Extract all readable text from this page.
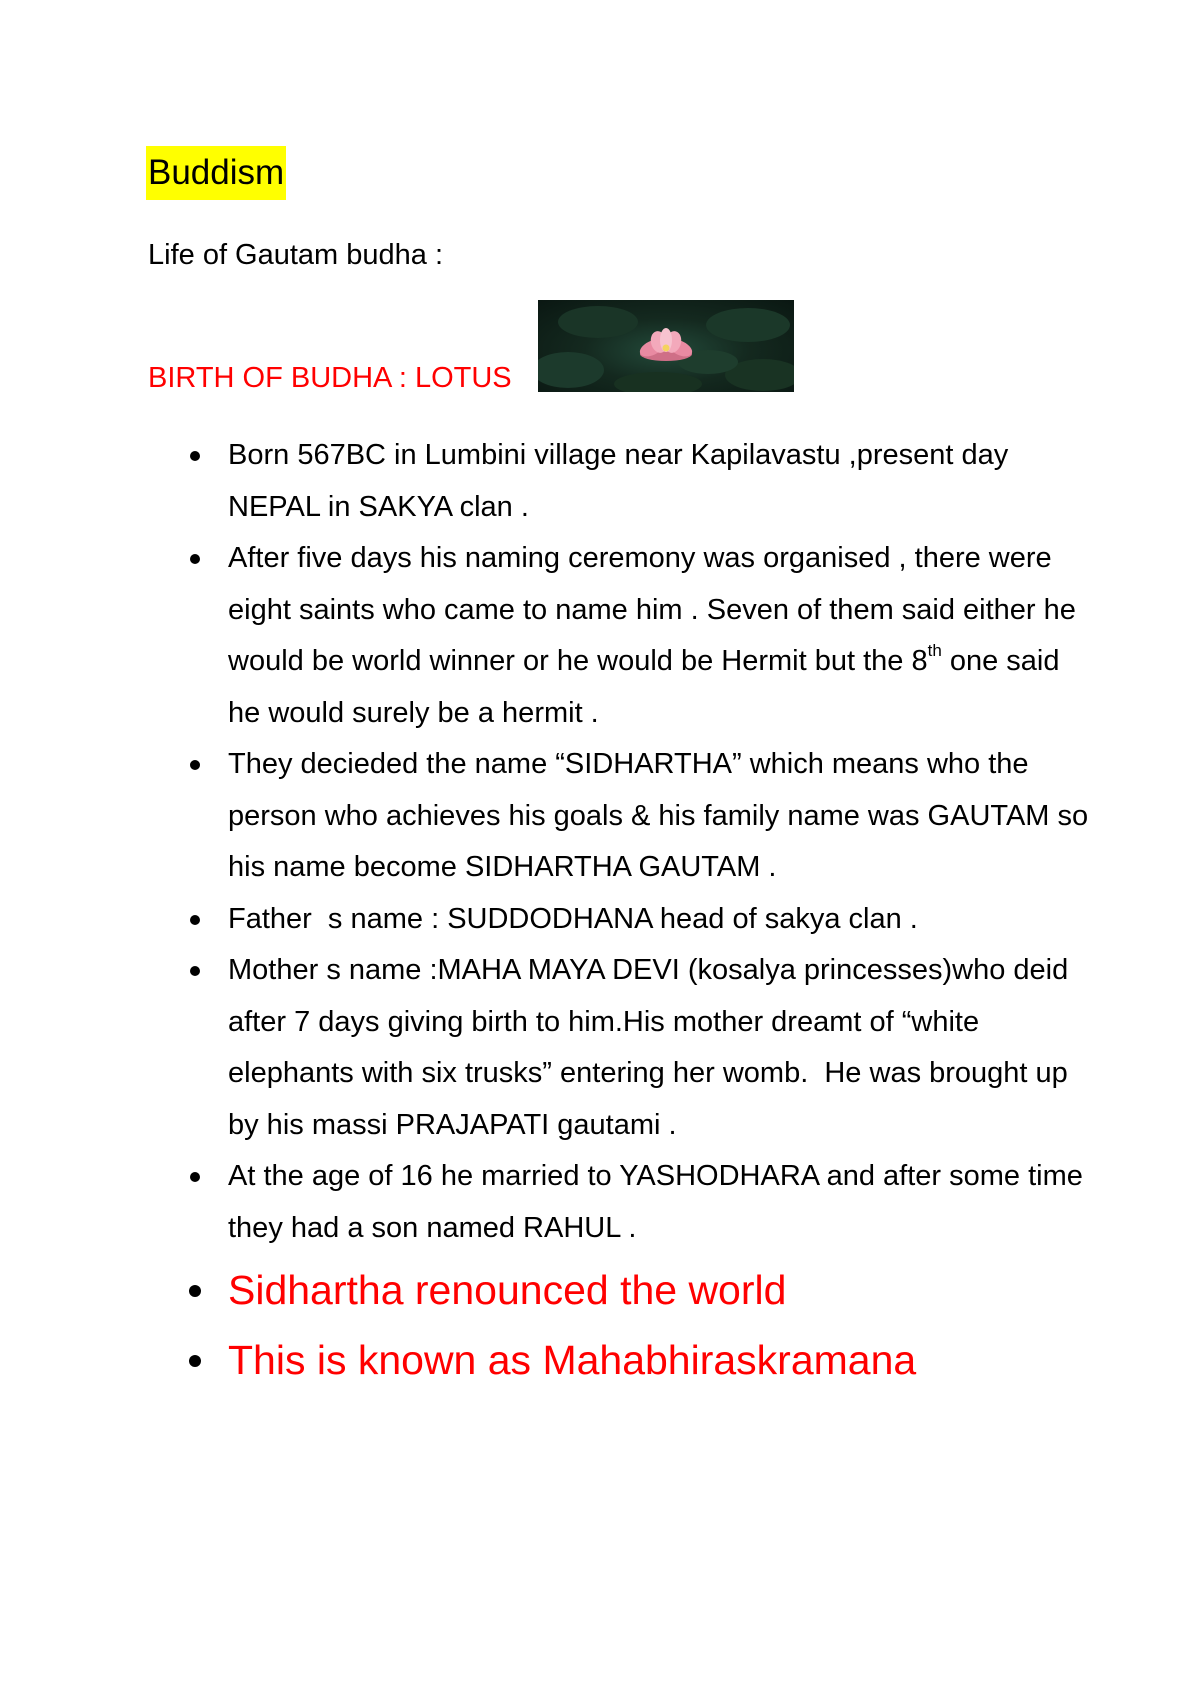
Buddism
Life of Gautam budha :
BIRTH OF BUDHA : LOTUS
Born 567BC in Lumbini village near Kapilavastu ,present day NEPAL in SAKYA clan .
After five days his naming ceremony was organised , there were eight saints who came to name him . Seven of them said either he would be world winner or he would be Hermit but the 8th one said he would surely be a hermit .
They decieded the name “SIDHARTHA” which means who the person who achieves his goals & his family name was GAUTAM so his name become SIDHARTHA GAUTAM .
Father  s name : SUDDODHANA head of sakya clan .
Mother s name :MAHA MAYA DEVI (kosalya princesses)who deid after 7 days giving birth to him.His mother dreamt of “white  elephants with six trusks” entering her womb.  He was brought up by his massi PRAJAPATI gautami .
At the age of 16 he married to YASHODHARA and after some time they had a son named RAHUL .
Sidhartha renounced the world
This is known as Mahabhiraskramana
